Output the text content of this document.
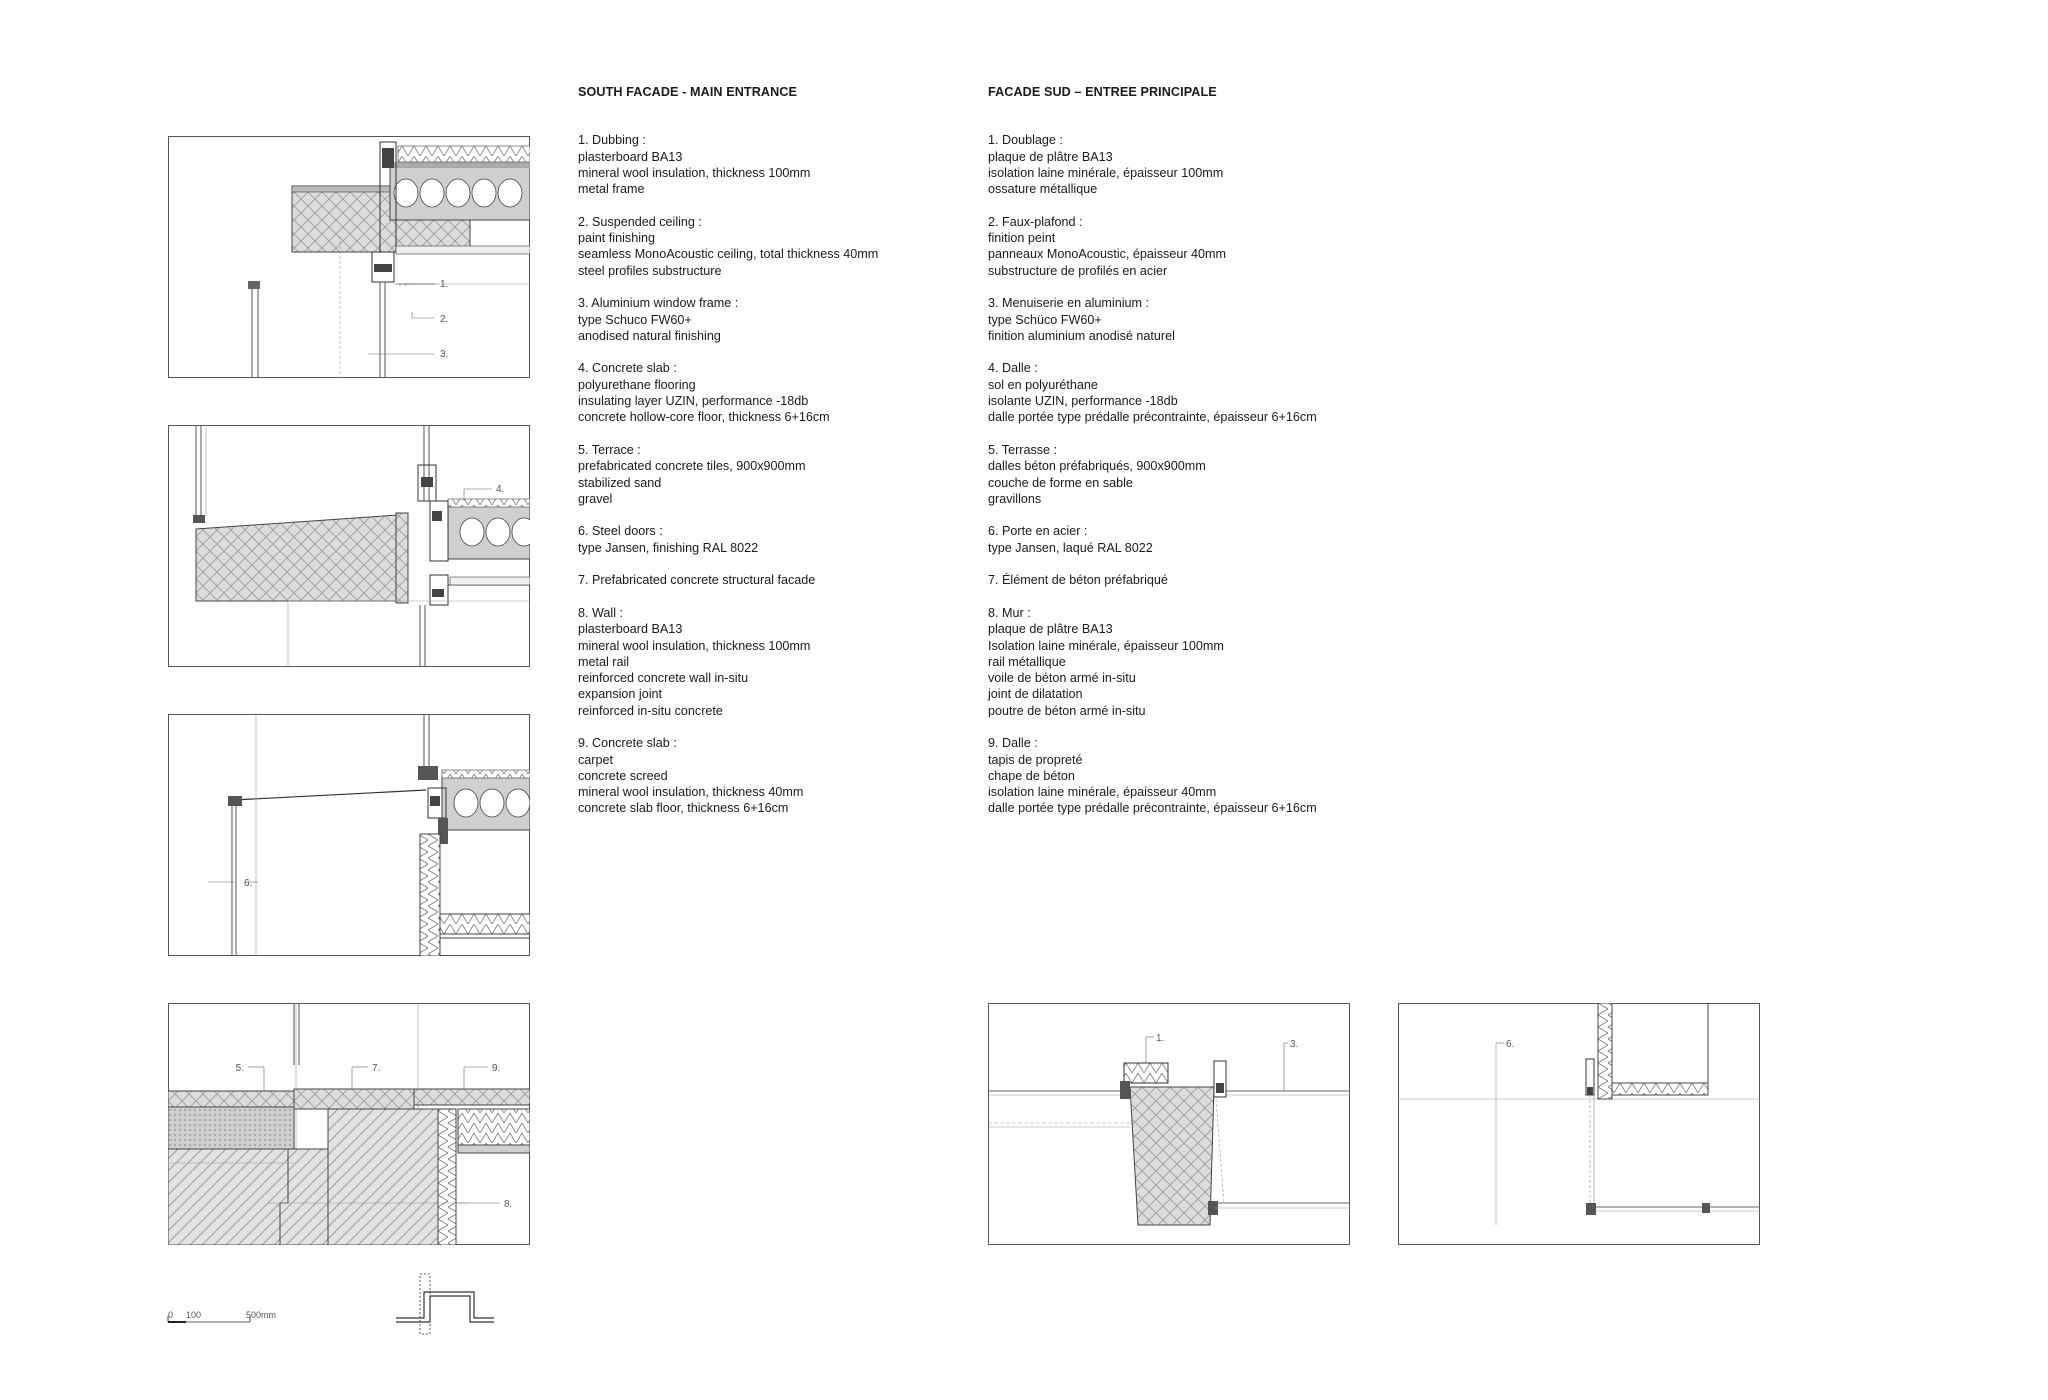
1.
2.
3.
4.
6.
5.	7.	9.
8.
1.
3.	6.
0 100	500mm
SOUTH FACADE - MAIN ENTRANCE
1. Dubbing :
plasterboard BA13
mineral wool insulation, thickness 100mm
metal frame
2. Suspended ceiling :
paint finishing
seamless MonoAcoustic ceiling, total thickness 40mm
steel profiles substructure
3. Aluminium window frame :
type Schuco FW60+
anodised natural finishing
4. Concrete slab :
polyurethane flooring
insulating layer UZIN, performance -18db
concrete hollow-core floor, thickness 6+16cm
5. Terrace :
prefabricated concrete tiles, 900x900mm
stabilized sand
gravel
6. Steel doors :
type Jansen, finishing RAL 8022
7. Prefabricated concrete structural facade
8. Wall :
plasterboard BA13
mineral wool insulation, thickness 100mm
metal rail
reinforced concrete wall in-situ
expansion joint
reinforced in-situ concrete
9. Concrete slab :
carpet
concrete screed
mineral wool insulation, thickness 40mm
concrete slab floor, thickness 6+16cm
FACADE SUD – ENTREE PRINCIPALE
1. Doublage :
plaque de plâtre BA13
isolation laine minérale, épaisseur 100mm
ossature métallique
2. Faux-plafond :
finition peint
panneaux MonoAcoustic, épaisseur 40mm
substructure de profilés en acier
3. Menuiserie en aluminium :
type Schüco FW60+
finition aluminium anodisé naturel
4. Dalle :
sol en polyuréthane
isolante UZIN, performance -18db
dalle portée type prédalle précontrainte, épaisseur 6+16cm
5. Terrasse :
dalles béton préfabriqués, 900x900mm
couche de forme en sable
gravillons
6. Porte en acier :
type Jansen, laqué RAL 8022
7. Élément de béton préfabriqué
8. Mur :
plaque de plâtre BA13
Isolation laine minérale, épaisseur 100mm
rail métallique
voile de béton armé in-situ
joint de dilatation
poutre de béton armé in-situ
9. Dalle :
tapis de propreté
chape de béton
isolation laine minérale, épaisseur 40mm
dalle portée type prédalle précontrainte, épaisseur 6+16cm
